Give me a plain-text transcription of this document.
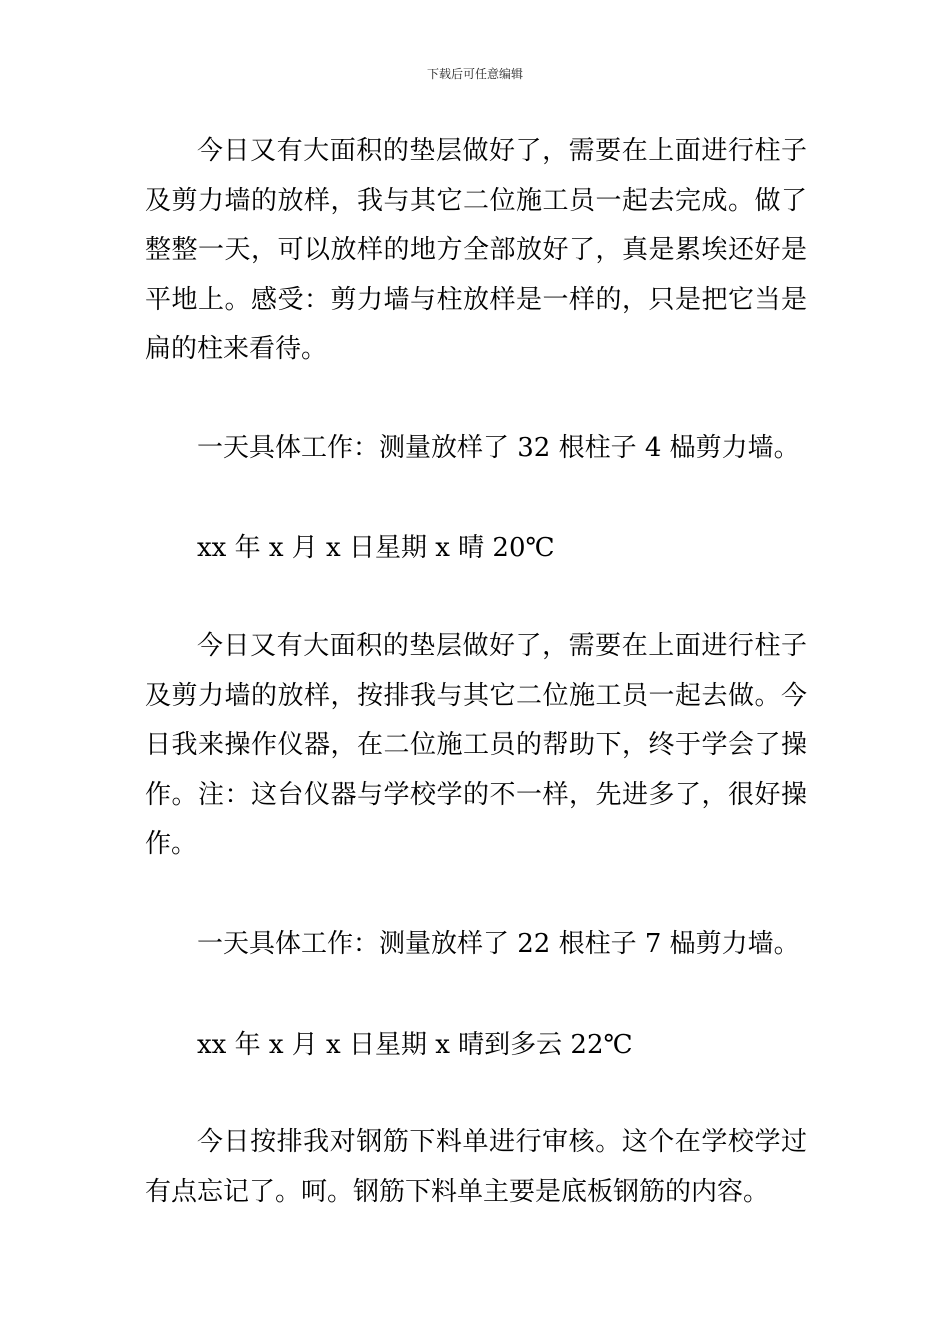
下载后可任意编辑

今日又有大面积的垫层做好了，需要在上面进行柱子及剪力墙的放样，我与其它二位施工员一起去完成。做了整整一天，可以放样的地方全部放好了，真是累埃还好是平地上。感受：剪力墙与柱放样是一样的，只是把它当是扁的柱来看待。

一天具体工作：测量放样了 32 根柱子 4 榀剪力墙。

xx 年 x 月 x 日星期 x 晴 20℃

今日又有大面积的垫层做好了，需要在上面进行柱子及剪力墙的放样，按排我与其它二位施工员一起去做。今日我来操作仪器，在二位施工员的帮助下，终于学会了操作。注：这台仪器与学校学的不一样，先进多了，很好操作。

一天具体工作：测量放样了 22 根柱子 7 榀剪力墙。

xx 年 x 月 x 日星期 x 晴到多云 22℃

今日按排我对钢筋下料单进行审核。这个在学校学过有点忘记了。呵。钢筋下料单主要是底板钢筋的内容。
